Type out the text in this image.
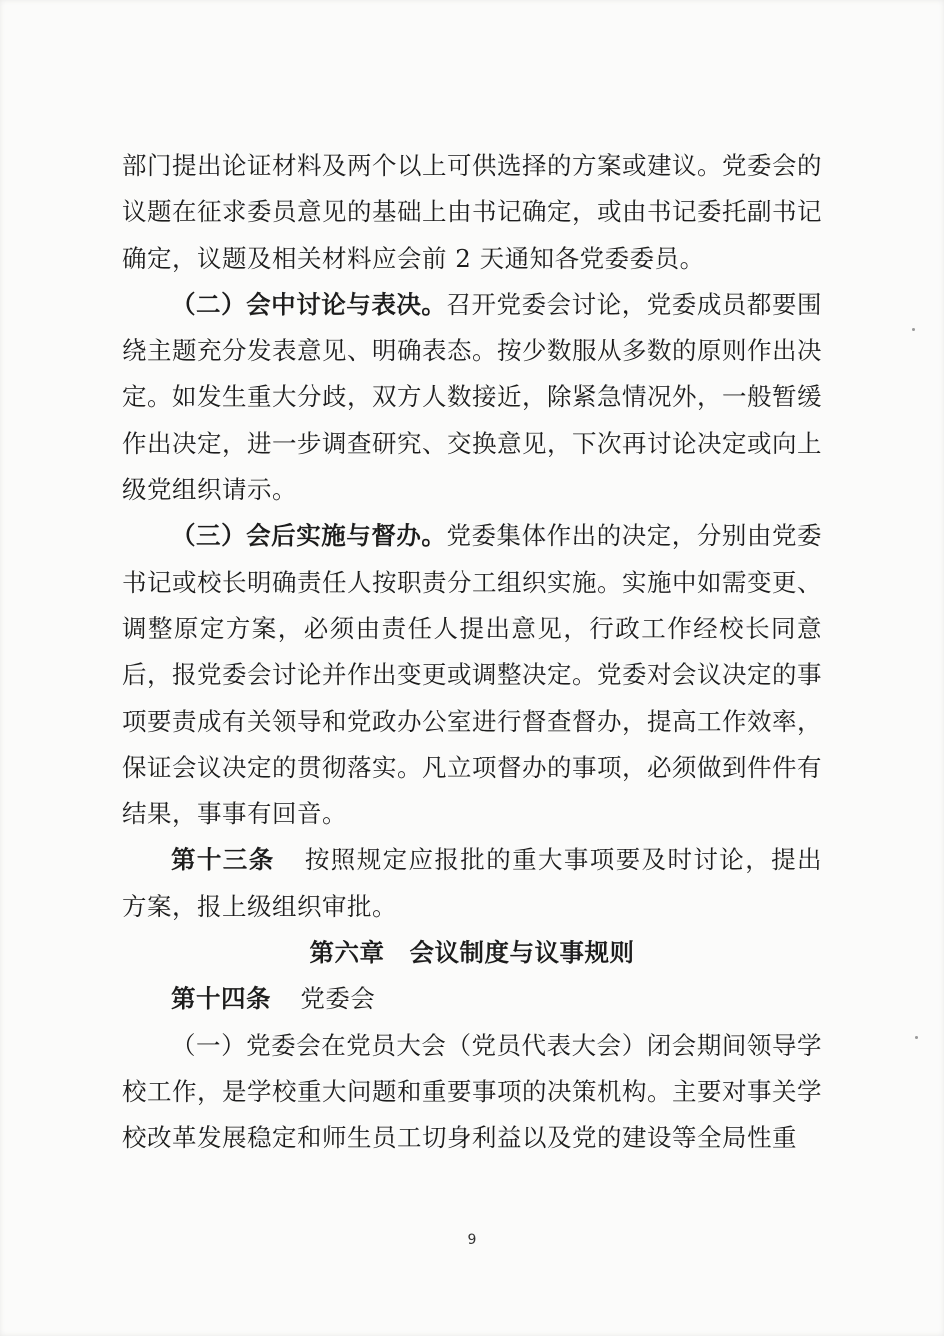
部门提出论证材料及两个以上可供选择的方案或建议。党委会的议题在征求委员意见的基础上由书记确定，或由书记委托副书记确定，议题及相关材料应会前 2 天通知各党委委员。

（二）会中讨论与表决。召开党委会讨论，党委成员都要围绕主题充分发表意见、明确表态。按少数服从多数的原则作出决定。如发生重大分歧，双方人数接近，除紧急情况外，一般暂缓作出决定，进一步调查研究、交换意见，下次再讨论决定或向上级党组织请示。

（三）会后实施与督办。党委集体作出的决定，分别由党委书记或校长明确责任人按职责分工组织实施。实施中如需变更、调整原定方案，必须由责任人提出意见，行政工作经校长同意后，报党委会讨论并作出变更或调整决定。党委对会议决定的事项要责成有关领导和党政办公室进行督查督办，提高工作效率，保证会议决定的贯彻落实。凡立项督办的事项，必须做到件件有结果，事事有回音。

第十三条 按照规定应报批的重大事项要及时讨论，提出方案，报上级组织审批。

第六章　会议制度与议事规则

第十四条 党委会

（一）党委会在党员大会（党员代表大会）闭会期间领导学校工作，是学校重大问题和重要事项的决策机构。主要对事关学校改革发展稳定和师生员工切身利益以及党的建设等全局性重

9
